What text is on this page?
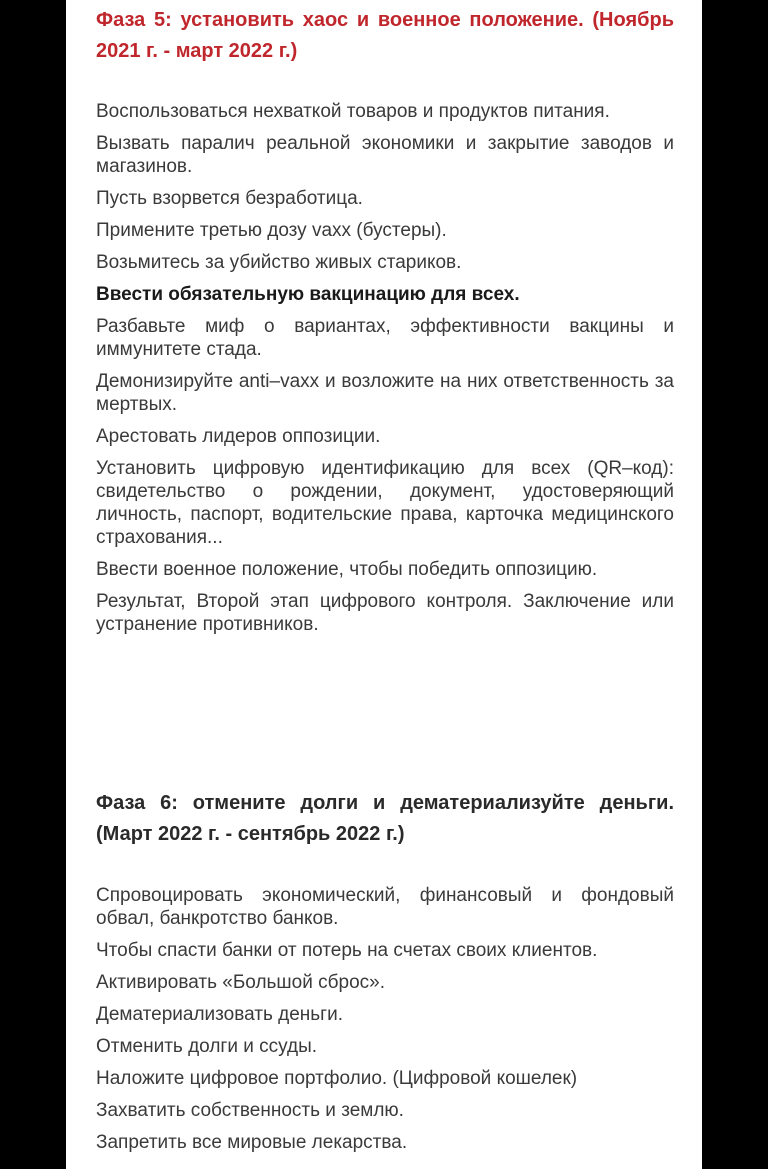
Фаза 5: установить хаос и военное положение. (Ноябрь 2021 г. - март 2022 г.)

Воспользоваться нехваткой товаров и продуктов питания.

Вызвать паралич реальной экономики и закрытие заводов и магазинов.

Пусть взорвется безработица.

Примените третью дозу vaxx (бустеры).

Возьмитесь за убийство живых стариков.

Ввести обязательную вакцинацию для всех.

Разбавьте миф о вариантах, эффективности вакцины и иммунитете стада.

Демонизируйте anti–vaxx и возложите на них ответственность за мертвых.

Арестовать лидеров оппозиции.

Установить цифровую идентификацию для всех (QR–код): свидетельство о рождении, документ, удостоверяющий личность, паспорт, водительские права, карточка медицинского страхования...

Ввести военное положение, чтобы победить оппозицию.

Результат, Второй этап цифрового контроля. Заключение или устранение противников.

Фаза 6: отмените долги и дематериализуйте деньги. (Март 2022 г. - сентябрь 2022 г.)

Спровоцировать экономический, финансовый и фондовый обвал, банкротство банков.

Чтобы спасти банки от потерь на счетах своих клиентов.

Активировать «Большой сброс».

Дематериализовать деньги.

Отменить долги и ссуды.

Наложите цифровое портфолио. (Цифровой кошелек)

Захватить собственность и землю.

Запретить все мировые лекарства.
